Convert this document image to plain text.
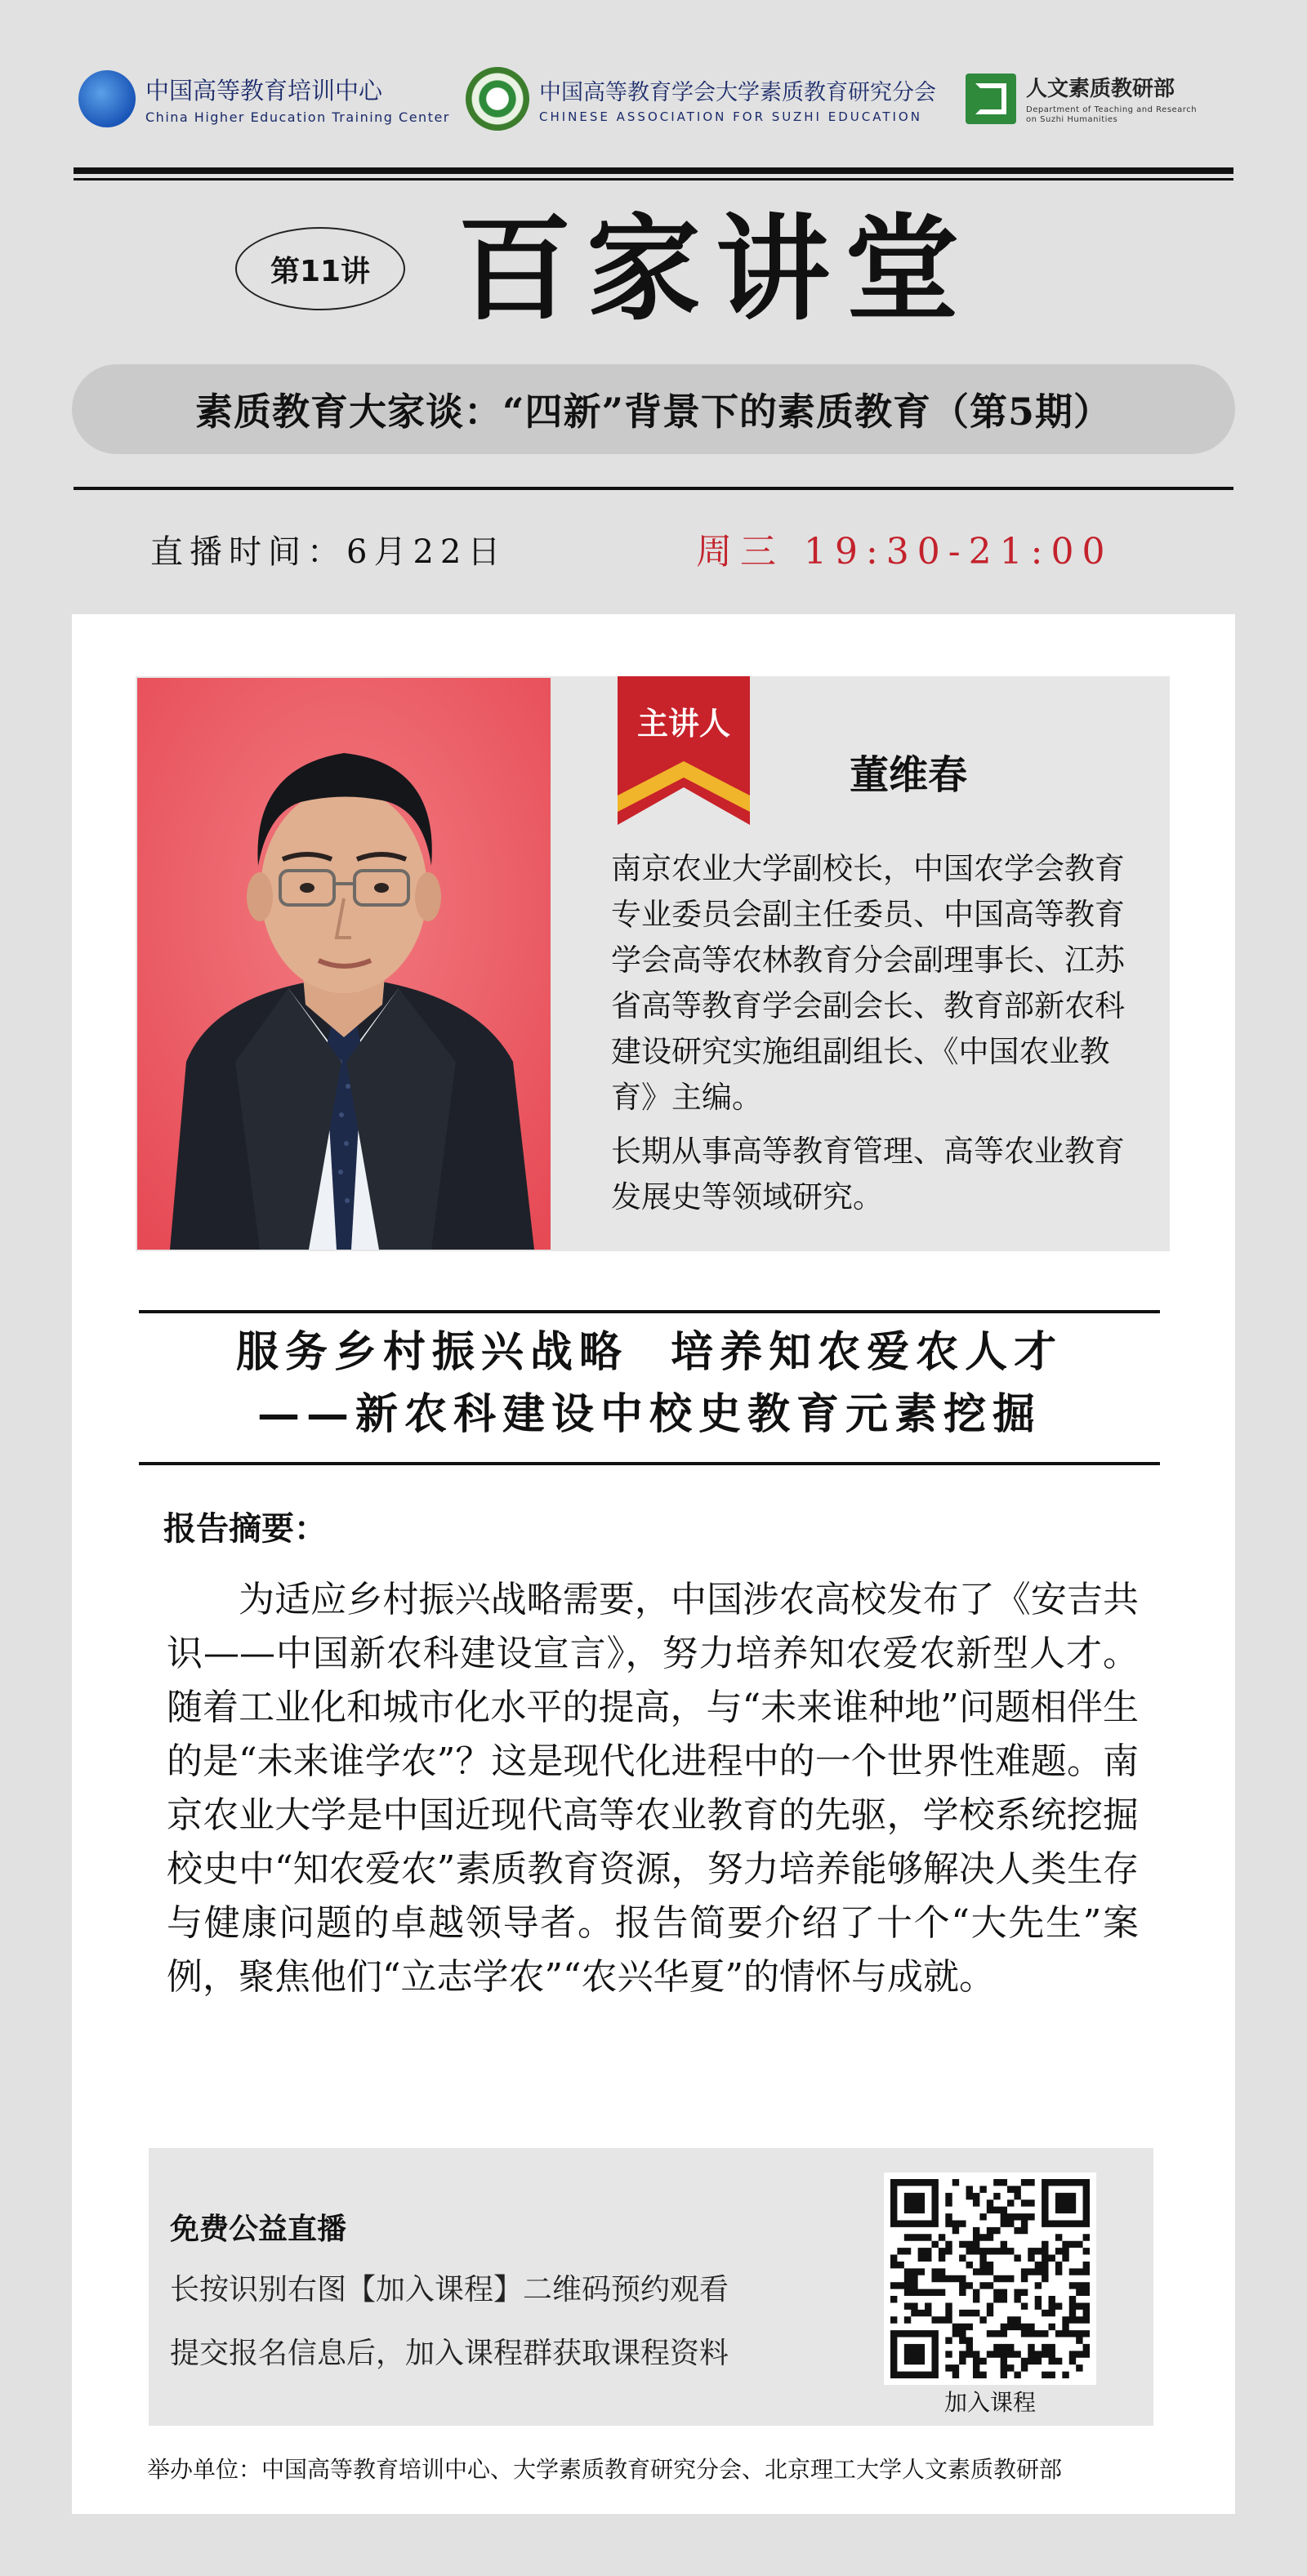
中国高等教育培训中心
China Higher Education Training Center
中国高等教育学会大学素质教育研究分会
CHINESE ASSOCIATION FOR SUZHI EDUCATION
人文素质教研部
Department of Teaching and Research on Suzhi Humanities
第11讲 百家讲堂
素质教育大家谈：“四新”背景下的素质教育（第5期）
直播时间：6月22日	周三 19:30-21:00
主讲人
董维春

南京农业大学副校长，中国农学会教育专业委员会副主任委员、中国高等教育学会高等农林教育分会副理事长、江苏省高等教育学会副会长、教育部新农科建设研究实施组副组长、《中国农业教育》主编。

长期从事高等教育管理、高等农业教育发展史等领域研究。

服务乡村振兴战略  培养知农爱农人才
——新农科建设中校史教育元素挖掘
报告摘要：
为适应乡村振兴战略需要，中国涉农高校发布了《安吉共识——中国新农科建设宣言》，努力培养知农爱农新型人才。随着工业化和城市化水平的提高，与“未来谁种地”问题相伴生的是“未来谁学农”？这是现代化进程中的一个世界性难题。南京农业大学是中国近现代高等农业教育的先驱，学校系统挖掘校史中“知农爱农”素质教育资源，努力培养能够解决人类生存与健康问题的卓越领导者。报告简要介绍了十个“大先生”案例，聚焦他们“立志学农”“农兴华夏”的情怀与成就。
免费公益直播
长按识别右图【加入课程】二维码预约观看
提交报名信息后，加入课程群获取课程资料
加入课程
举办单位：中国高等教育培训中心、大学素质教育研究分会、北京理工大学人文素质教研部
